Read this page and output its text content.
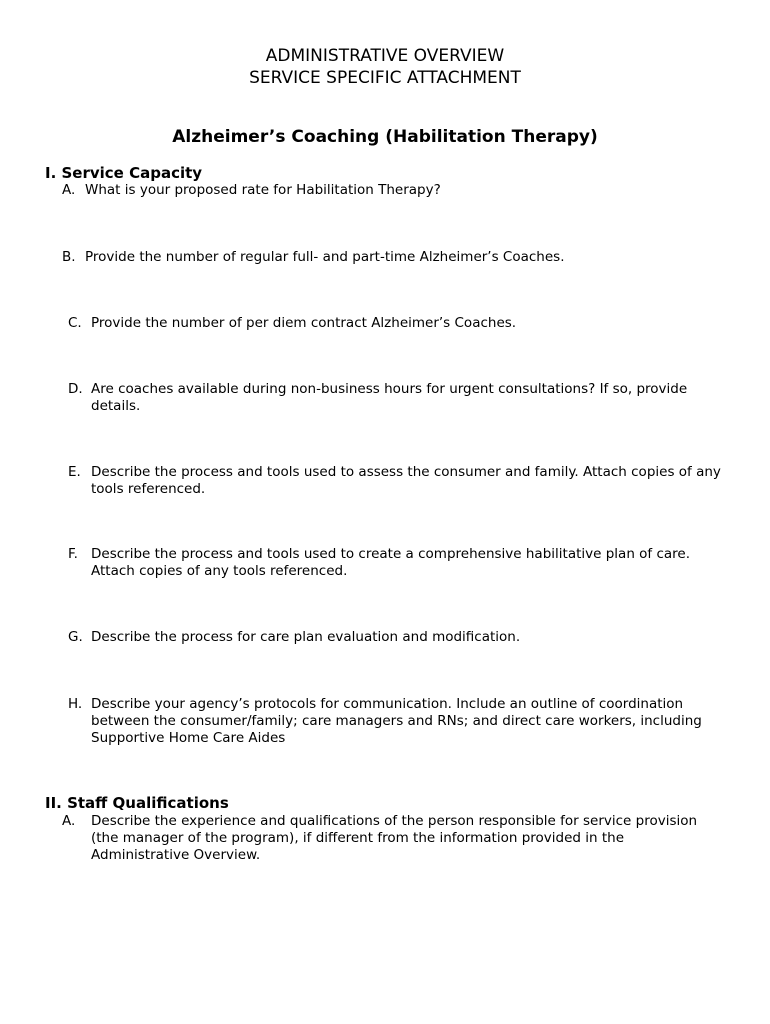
ADMINISTRATIVE OVERVIEW
SERVICE SPECIFIC ATTACHMENT
Alzheimer’s Coaching (Habilitation Therapy)
I. Service Capacity
A. What is your proposed rate for Habilitation Therapy?
B. Provide the number of regular full- and part-time Alzheimer’s Coaches.
C. Provide the number of per diem contract Alzheimer’s Coaches.
D. Are coaches available during non-business hours for urgent consultations? If so, provide details.
E. Describe the process and tools used to assess the consumer and family. Attach copies of any tools referenced.
F. Describe the process and tools used to create a comprehensive habilitative plan of care. Attach copies of any tools referenced.
G. Describe the process for care plan evaluation and modification.
H. Describe your agency’s protocols for communication. Include an outline of coordination between the consumer/family; care managers and RNs; and direct care workers, including Supportive Home Care Aides
II. Staff Qualifications
A. Describe the experience and qualifications of the person responsible for service provision (the manager of the program), if different from the information provided in the Administrative Overview.
